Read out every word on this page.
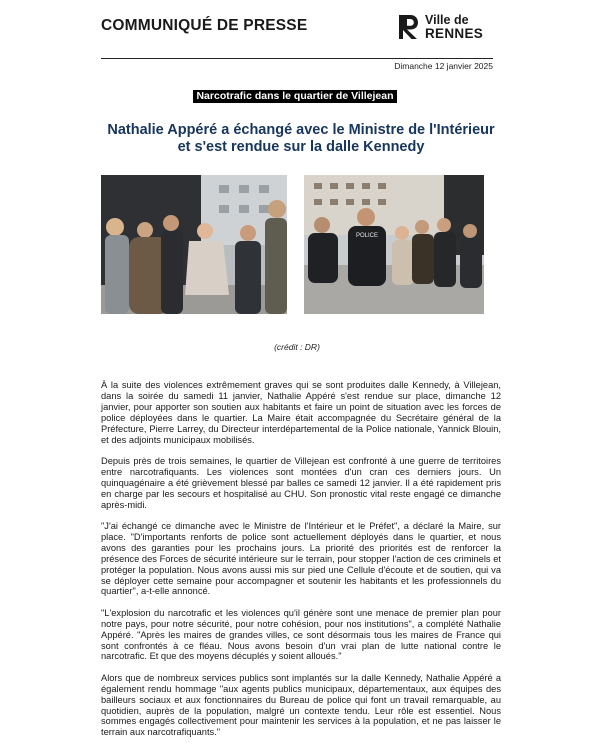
COMMUNIQUÉ DE PRESSE	Ville de
RENNES
Dimanche 12 janvier 2025
Narcotrafic dans le quartier de Villejean
Nathalie Appéré a échangé avec le Ministre de l'Intérieur
et s'est rendue sur la dalle Kennedy
POLICE
(crédit : DR)

À la suite des violences extrêmement graves qui se sont produites dalle Kennedy, à Villejean, dans la soirée du samedi 11 janvier, Nathalie Appéré s'est rendue sur place, dimanche 12 janvier, pour apporter son soutien aux habitants et faire un point de situation avec les forces de police déployées dans le quartier. La Maire était accompagnée du Secrétaire général de la Préfecture, Pierre Larrey, du Directeur interdépartemental de la Police nationale, Yannick Blouin, et des adjoints municipaux mobilisés.

Depuis près de trois semaines, le quartier de Villejean est confronté à une guerre de territoires entre narcotrafiquants. Les violences sont montées d'un cran ces derniers jours. Un quinquagénaire a été grièvement blessé par balles ce samedi 12 janvier. Il a été rapidement pris en charge par les secours et hospitalisé au CHU. Son pronostic vital reste engagé ce dimanche après-midi.

"J'ai échangé ce dimanche avec le Ministre de l'Intérieur et le Préfet", a déclaré la Maire, sur place. "D'importants renforts de police sont actuellement déployés dans le quartier, et nous avons des garanties pour les prochains jours. La priorité des priorités est de renforcer la présence des Forces de sécurité intérieure sur le terrain, pour stopper l'action de ces criminels et protéger la population. Nous avons aussi mis sur pied une Cellule d'écoute et de soutien, qui va se déployer cette semaine pour accompagner et soutenir les habitants et les professionnels du quartier", a-t-elle annoncé.

"L'explosion du narcotrafic et les violences qu'il génère sont une menace de premier plan pour notre pays, pour notre sécurité, pour notre cohésion, pour nos institutions", a complété Nathalie Appéré. "Après les maires de grandes villes, ce sont désormais tous les maires de France qui sont confrontés à ce fléau. Nous avons besoin d'un vrai plan de lutte national contre le narcotrafic. Et que des moyens décuplés y soient alloués."

Alors que de nombreux services publics sont implantés sur la dalle Kennedy, Nathalie Appéré a également rendu hommage "aux agents publics municipaux, départementaux, aux équipes des bailleurs sociaux et aux fonctionnaires du Bureau de police qui font un travail remarquable, au quotidien, auprès de la population, malgré un contexte tendu. Leur rôle est essentiel. Nous sommes engagés collectivement pour maintenir les services à la population, et ne pas laisser le terrain aux narcotrafiquants."
